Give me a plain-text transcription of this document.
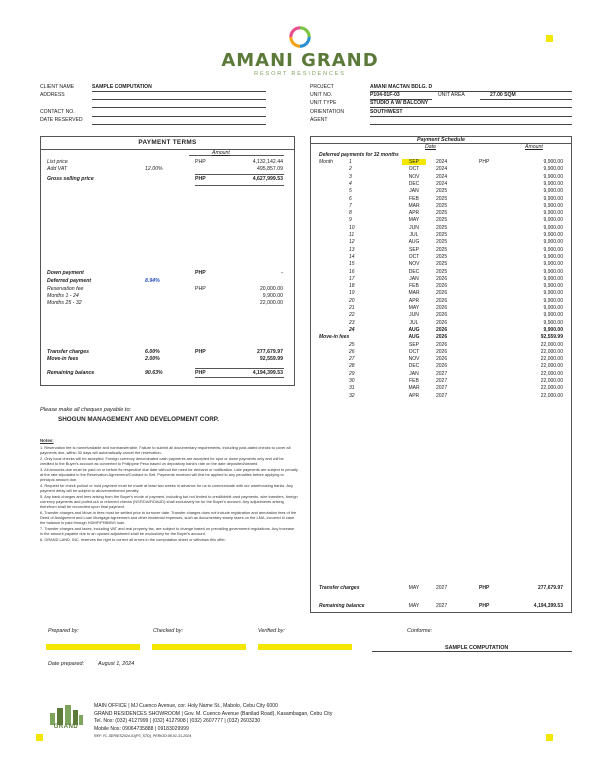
AMANI GRAND
RESORT RESIDENCES
CLIENT NAME	SAMPLE COMPUTATION
ADDRESS
CONTACT NO.
DATE RESERVED
PROJECT	AMANI MACTAN BDLG. D
UNIT NO.	P104-01F-03	UNIT AREA	27.00 SQM
UNIT TYPE	STUDIO A W/ BALCONY
ORIENTATION	SOUTHWEST
AGENT
PAYMENT TERMS
Amount
List price	PHP	4,132,142.44
Add VAT	12.00%	495,857.09
Gross selling price	PHP	4,627,999.53
Down payment	PHP	-
Deferred payment	8.94%
Reservation fee	PHP	20,000.00
Months 1 - 24	9,900.00
Months 25 - 32	22,000.00
Transfer charges	6.00%	PHP	277,679.97
Move-in fees	2.00%	92,559.99
Remaining balance	90.63%	PHP	4,194,399.53
Please make all cheques payable to:
SHOGUN MANAGEMENT AND DEVELOPMENT CORP.
Notes:

1. Reservation fee is nonrefundable and nontransferable. Failure to submit all documentary requirements, including post-dated checks to cover all payments due, within 30 days will automatically cancel the reservation.

2. Only local checks will be accepted. Foreign currency denominated cash payments are accepted for spot or down payments only and will be credited to the Buyer's account as converted to Philippine Peso based on depository bank's rate on the date deposited/cleared.

3. All amounts due must be paid on or before its respective due date without the need for demand or notification. Late payments are subject to penalty at the rate stipulated in the Reservation Agreement/Contract to Sell. Payments received will first be applied to any penalties before applying to principal amount due.

4. Request for check pullout or hold payment must be made at least two weeks in advance for us to communicate with our warehousing banks. Any payment delay will be subject to abovementioned penalty.

5. Any bank charges and fees arising from the Buyer's mode of payment, including but not limited to credit/debit card payments, wire transfers, foreign currency payments and pulled-out or returned checks (NSF/DAIF/DAUD) shall exclusively be for the Buyer's account. Any adjustments arising therefrom shall be reconciled upon final payment.

6. Transfer charges and Move-in fees must be settled prior to turnover date. Transfer charges does not include registration and annotation fees of the Deed of Assignment and Loan Mortgage Agreement and other incidental expenses, such as documentary stamp taxes on the LMA, incurred in case the balance is paid through HDMF/PHB/IBG loan.

7. Transfer charges and taxes, including VAT and real property tax, are subject to change based on prevailing government regulations. Any increase in the amount payable due to an upward adjustment shall be exclusively for the Buyer's account.

8. GRAND LAND, INC. reserves the right to correct all errors in the computation sheet or withdraw this offer.

Payment Schedule
Date	Amount
Deferred payments for 32 months
Month	1	SEP	2024	PHP	9,900.00
2	OCT	2024	9,900.00
3	NOV	2024	9,900.00
4	DEC	2024	9,900.00
5	JAN	2025	9,900.00
6	FEB	2025	9,900.00
7	MAR	2025	9,900.00
8	APR	2025	9,900.00
9	MAY	2025	9,900.00
10	JUN	2025	9,900.00
11	JUL	2025	9,900.00
12	AUG	2025	9,900.00
13	SEP	2025	9,900.00
14	OCT	2025	9,900.00
15	NOV	2025	9,900.00
16	DEC	2025	9,900.00
17	JAN	2026	9,900.00
18	FEB	2026	9,900.00
19	MAR	2026	9,900.00
20	APR	2026	9,900.00
21	MAY	2026	9,900.00
22	JUN	2026	9,900.00
23	JUL	2026	9,900.00
24	AUG	2026	9,900.00
Move-in fees	AUG	2026	92,559.99
25	SEP	2026	22,000.00
26	OCT	2026	22,000.00
27	NOV	2026	22,000.00
28	DEC	2026	22,000.00
29	JAN	2027	22,000.00
30	FEB	2027	22,000.00
31	MAR	2027	22,000.00
32	APR	2027	22,000.00
Transfer charges	MAY	2027	PHP	277,679.97
Remaining balance	MAY	2027	PHP	4,194,399.53
Prepared by:	Checked by:	Verified by:	Conforme:
SAMPLE COMPUTATION
Date prepared:	August 1, 2024
GRAND
MAIN OFFICE | MJ Cuenco Avenue, cor. Holy Name St., Mabolo, Cebu City 6000
GRAND RESIDENCES SHOWROOM | Gov. M. Cuenco Avenue (Banilad Road), Kasambagan, Cebu City
Tel. Nos: (032) 4127999 | (032) 4127908 | (032) 2607777 | (032) 2603230
Mobile Nos: 09064735888 | 09183029999
REF: FL-SERIES2024-01(P3_STD)_PERIOD:08-01-31-2024
